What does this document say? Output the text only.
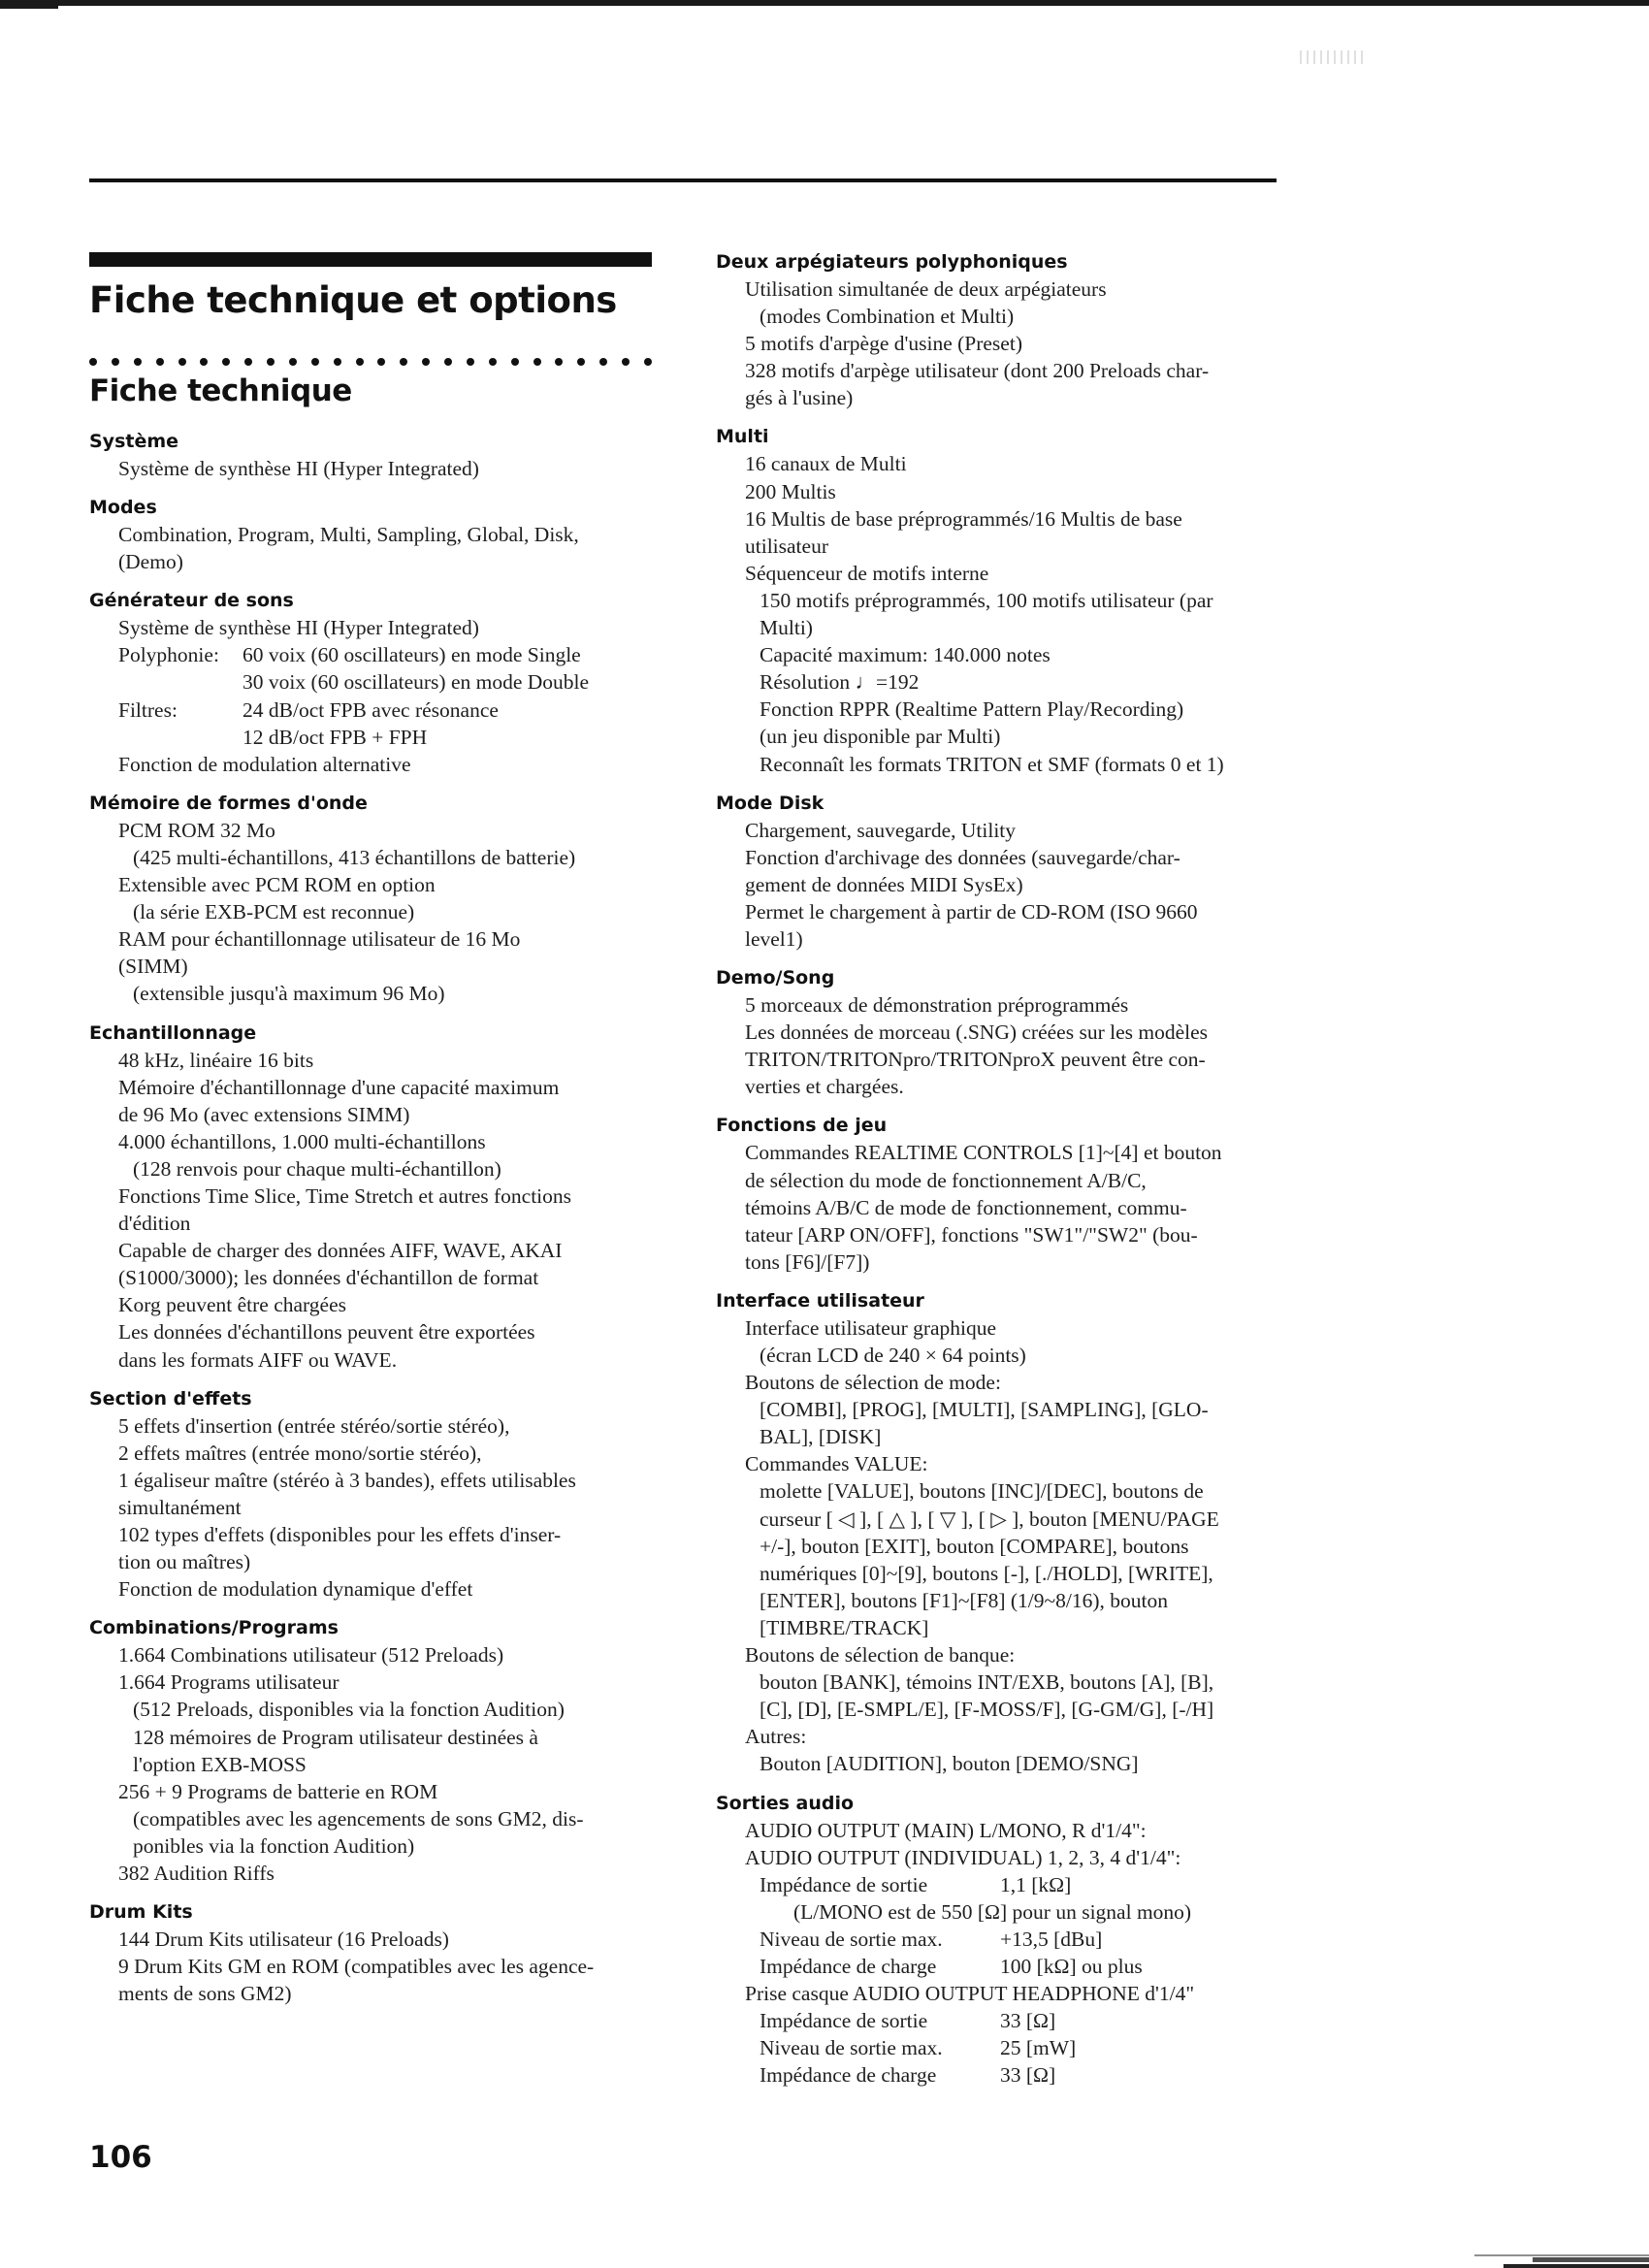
Fiche technique et options
Fiche technique
Système
Système de synthèse HI (Hyper Integrated)
Modes
Combination, Program, Multi, Sampling, Global, Disk,
(Demo)
Générateur de sons
Système de synthèse HI (Hyper Integrated)
Polyphonie:	60 voix (60 oscillateurs) en mode Single
30 voix (60 oscillateurs) en mode Double
Filtres:	24 dB/oct FPB avec résonance
12 dB/oct FPB + FPH
Fonction de modulation alternative
Mémoire de formes d'onde
PCM ROM 32 Mo
(425 multi-échantillons, 413 échantillons de batterie)
Extensible avec PCM ROM en option
(la série EXB-PCM est reconnue)
RAM pour échantillonnage utilisateur de 16 Mo
(SIMM)
(extensible jusqu'à maximum 96 Mo)
Echantillonnage
48 kHz, linéaire 16 bits
Mémoire d'échantillonnage d'une capacité maximum
de 96 Mo (avec extensions SIMM)
4.000 échantillons, 1.000 multi-échantillons
(128 renvois pour chaque multi-échantillon)
Fonctions Time Slice, Time Stretch et autres fonctions
d'édition
Capable de charger des données AIFF, WAVE, AKAI
(S1000/3000); les données d'échantillon de format
Korg peuvent être chargées
Les données d'échantillons peuvent être exportées
dans les formats AIFF ou WAVE.
Section d'effets
5 effets d'insertion (entrée stéréo/sortie stéréo),
2 effets maîtres (entrée mono/sortie stéréo),
1 égaliseur maître (stéréo à 3 bandes), effets utilisables
simultanément
102 types d'effets (disponibles pour les effets d'inser-
tion ou maîtres)
Fonction de modulation dynamique d'effet
Combinations/Programs
1.664 Combinations utilisateur (512 Preloads)
1.664 Programs utilisateur
(512 Preloads, disponibles via la fonction Audition)
128 mémoires de Program utilisateur destinées à
l'option EXB-MOSS
256 + 9 Programs de batterie en ROM
(compatibles avec les agencements de sons GM2, dis-
ponibles via la fonction Audition)
382 Audition Riffs
Drum Kits
144 Drum Kits utilisateur (16 Preloads)
9 Drum Kits GM en ROM (compatibles avec les agence-
ments de sons GM2)
Deux arpégiateurs polyphoniques
Utilisation simultanée de deux arpégiateurs
(modes Combination et Multi)
5 motifs d'arpège d'usine (Preset)
328 motifs d'arpège utilisateur (dont 200 Preloads char-
gés à l'usine)
Multi
16 canaux de Multi
200 Multis
16 Multis de base préprogrammés/16 Multis de base
utilisateur
Séquenceur de motifs interne
150 motifs préprogrammés, 100 motifs utilisateur (par
Multi)
Capacité maximum: 140.000 notes
Résolution ♩=192
Fonction RPPR (Realtime Pattern Play/Recording)
(un jeu disponible par Multi)
Reconnaît les formats TRITON et SMF (formats 0 et 1)
Mode Disk
Chargement, sauvegarde, Utility
Fonction d'archivage des données (sauvegarde/char-
gement de données MIDI SysEx)
Permet le chargement à partir de CD-ROM (ISO 9660
level1)
Demo/Song
5 morceaux de démonstration préprogrammés
Les données de morceau (.SNG) créées sur les modèles
TRITON/TRITONpro/TRITONproX peuvent être con-
verties et chargées.
Fonctions de jeu
Commandes REALTIME CONTROLS [1]~[4] et bouton
de sélection du mode de fonctionnement A/B/C,
témoins A/B/C de mode de fonctionnement, commu-
tateur [ARP ON/OFF], fonctions "SW1"/"SW2" (bou-
tons [F6]/[F7])
Interface utilisateur
Interface utilisateur graphique
(écran LCD de 240 × 64 points)
Boutons de sélection de mode:
[COMBI], [PROG], [MULTI], [SAMPLING], [GLO-
BAL], [DISK]
Commandes VALUE:
molette [VALUE], boutons [INC]/[DEC], boutons de
curseur [ ◁ ], [ △ ], [ ▽ ], [ ▷ ], bouton [MENU/PAGE
+/-], bouton [EXIT], bouton [COMPARE], boutons
numériques [0]~[9], boutons [-], [./HOLD], [WRITE],
[ENTER], boutons [F1]~[F8] (1/9~8/16), bouton
[TIMBRE/TRACK]
Boutons de sélection de banque:
bouton [BANK], témoins INT/EXB, boutons [A], [B],
[C], [D], [E-SMPL/E], [F-MOSS/F], [G-GM/G], [-/H]
Autres:
Bouton [AUDITION], bouton [DEMO/SNG]
Sorties audio
AUDIO OUTPUT (MAIN) L/MONO, R d'1/4":
AUDIO OUTPUT (INDIVIDUAL) 1, 2, 3, 4 d'1/4":
Impédance de sortie	1,1 [kΩ]
(L/MONO est de 550 [Ω] pour un signal mono)
Niveau de sortie max.	+13,5 [dBu]
Impédance de charge	100 [kΩ] ou plus
Prise casque AUDIO OUTPUT HEADPHONE d'1/4"
Impédance de sortie	33 [Ω]
Niveau de sortie max.	25 [mW]
Impédance de charge	33 [Ω]
106
